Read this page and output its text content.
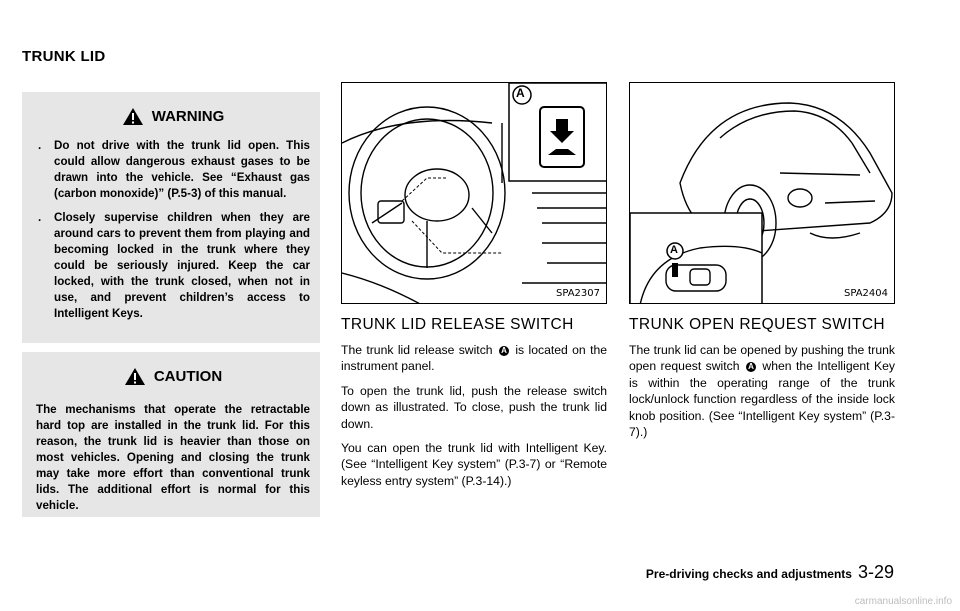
TRUNK LID
WARNING
. Do not drive with the trunk lid open. This could allow dangerous exhaust gases to be drawn into the vehicle. See “Exhaust gas (carbon monoxide)” (P.5-3) of this manual.
. Closely supervise children when they are around cars to prevent them from playing and becoming locked in the trunk where they could be seriously injured. Keep the car locked, with the trunk closed, when not in use, and prevent children’s access to Intelligent Keys.
CAUTION

The mechanisms that operate the retractable hard top are installed in the trunk lid. For this reason, the trunk lid is heavier than those on most vehicles. Opening and closing the trunk may take more effort than conventional trunk lids. The additional effort is normal for this vehicle.

A
SPA2307
A
SPA2404
TRUNK LID RELEASE SWITCH

The trunk lid release switch A is located on the instrument panel.

To open the trunk lid, push the release switch down as illustrated. To close, push the trunk lid down.

You can open the trunk lid with Intelligent Key. (See “Intelligent Key system” (P.3-7) or “Remote keyless entry system” (P.3-14).)

TRUNK OPEN REQUEST SWITCH

The trunk lid can be opened by pushing the trunk open request switch A when the Intelligent Key is within the operating range of the trunk lock/unlock function regardless of the inside lock knob position. (See “Intelligent Key system” (P.3-7).)

Pre-driving checks and adjustments 3-29
carmanualsonline.info
